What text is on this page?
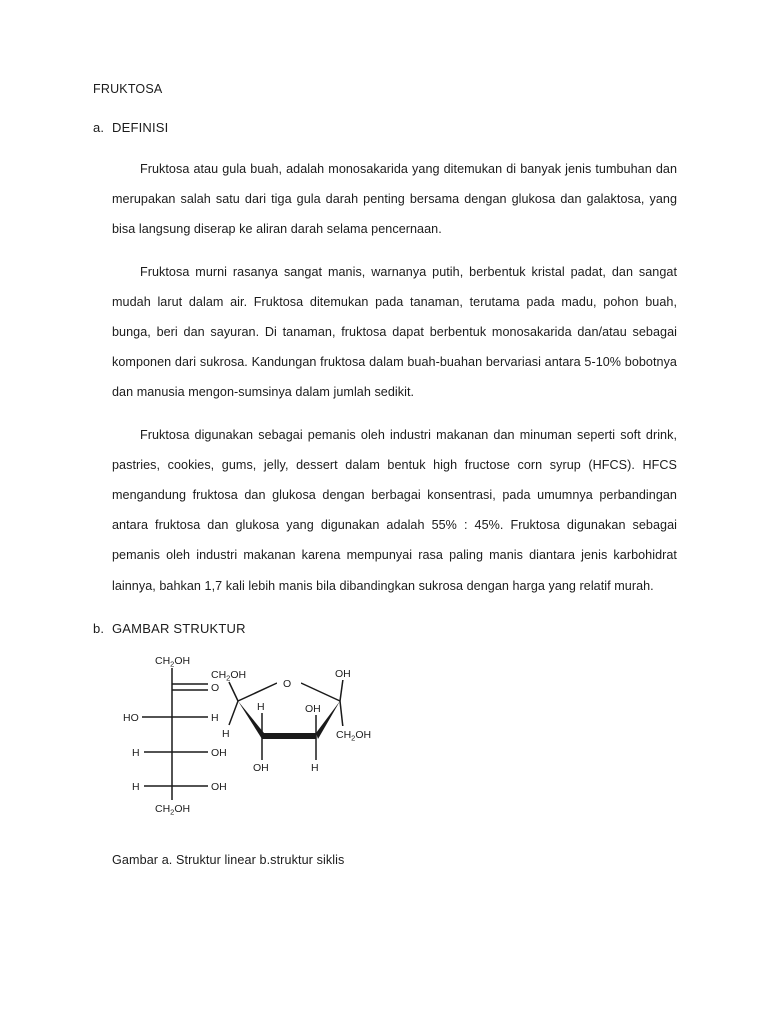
FRUKTOSA
a. DEFINISI

Fruktosa atau gula buah, adalah monosakarida yang ditemukan di banyak jenis tumbuhan dan merupakan salah satu dari tiga gula darah penting bersama dengan glukosa dan galaktosa, yang bisa langsung diserap ke aliran darah selama pencernaan.

Fruktosa murni rasanya sangat manis, warnanya putih, berbentuk kristal padat, dan sangat mudah larut dalam air. Fruktosa ditemukan pada tanaman, terutama pada madu, pohon buah, bunga, beri dan sayuran. Di tanaman, fruktosa dapat berbentuk monosakarida dan/atau sebagai komponen dari sukrosa. Kandungan fruktosa dalam buah-buahan bervariasi antara 5-10% bobotnya dan manusia mengon-sumsinya dalam jumlah sedikit.

Fruktosa digunakan sebagai pemanis oleh industri makanan dan minuman seperti soft drink, pastries, cookies, gums, jelly, dessert dalam bentuk high fructose corn syrup (HFCS). HFCS mengandung fruktosa dan glukosa dengan berbagai konsentrasi, pada umumnya perbandingan antara fruktosa dan glukosa yang digunakan adalah 55% : 45%. Fruktosa digunakan sebagai pemanis oleh industri makanan karena mempunyai rasa paling manis diantara jenis karbohidrat lainnya, bahkan 1,7 kali lebih manis bila dibandingkan sukrosa dengan harga yang relatif murah.

b. GAMBAR STRUKTUR
$CH_2OH$
O
HO	H
H	OH
H	OH
$CH_2OH$
$CH_2OH$
O
H
H
OH
OH
$CH_2OH$
OH
H
Gambar a. Struktur linear b.struktur siklis
